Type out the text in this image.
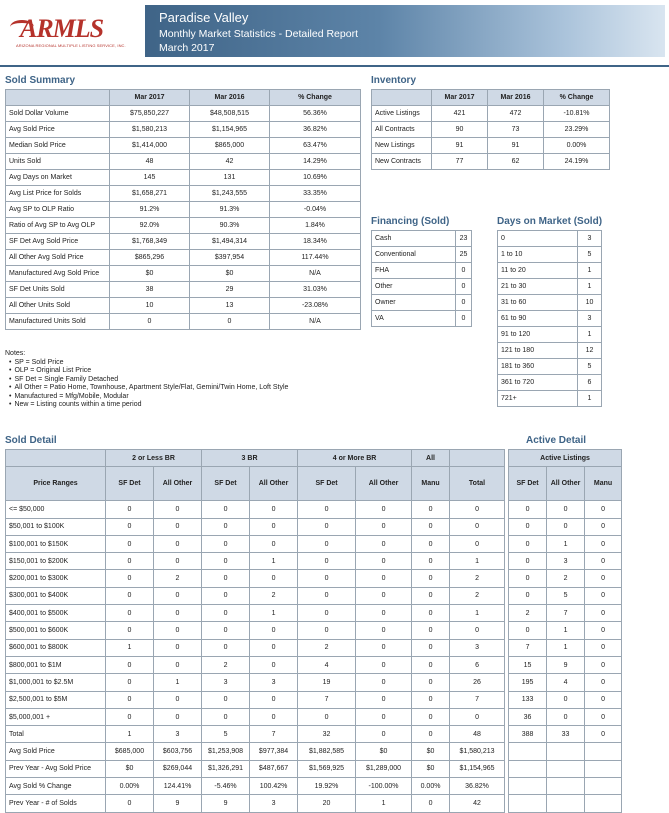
ARMLS
ARIZONA REGIONAL MULTIPLE LISTING SERVICE, INC.
Paradise Valley
Monthly Market Statistics - Detailed Report
March 2017
Sold Summary	Inventory
Financing (Sold)	Days on Market (Sold)
Sold Detail	Active Detail
	Mar 2017	Mar 2016	% Change
Sold Dollar Volume	$75,850,227	$48,508,515	56.36%
Avg Sold Price	$1,580,213	$1,154,965	36.82%
Median Sold Price	$1,414,000	$865,000	63.47%
Units Sold	48	42	14.29%
Avg Days on Market	145	131	10.69%
Avg List Price for Solds	$1,658,271	$1,243,555	33.35%
Avg SP to OLP Ratio	91.2%	91.3%	-0.04%
Ratio of Avg SP to Avg OLP	92.0%	90.3%	1.84%
SF Det Avg Sold Price	$1,768,349	$1,494,314	18.34%
All Other Avg Sold Price	$865,296	$397,954	117.44%
Manufactured Avg Sold Price	$0	$0	N/A
SF Det Units Sold	38	29	31.03%
All Other Units Sold	10	13	-23.08%
Manufactured Units Sold	0	0	N/A
	Mar 2017	Mar 2016	% Change
Active Listings	421	472	-10.81%
All Contracts	90	73	23.29%
New Listings	91	91	0.00%
New Contracts	77	62	24.19%
Cash	23
Conventional	25
FHA	0
Other	0
Owner	0
VA	0
0	3
1 to 10	5
11 to 20	1
21 to 30	1
31 to 60	10
61 to 90	3
91 to 120	1
121 to 180	12
181 to 360	5
361 to 720	6
721+	1
Notes:
• SP = Sold Price
• OLP = Original List Price
• SF Det = Single Family Detached
• All Other = Patio Home, Townhouse, Apartment Style/Flat, Gemini/Twin Home, Loft Style
• Manufactured = Mfg/Mobile, Modular
• New = Listing counts within a time period
	2 or Less BR		3 BR		4 or More BR		All			Active Listings		
Price Ranges	SF Det	All Other	SF Det	All Other	SF Det	All Other	Manu	Total		SF Det	All Other	Manu
<= $50,000	0	0	0	0	0	0	0	0		0	0	0
$50,001 to $100K	0	0	0	0	0	0	0	0		0	0	0
$100,001 to $150K	0	0	0	0	0	0	0	0		0	1	0
$150,001 to $200K	0	0	0	1	0	0	0	1		0	3	0
$200,001 to $300K	0	2	0	0	0	0	0	2		0	2	0
$300,001 to $400K	0	0	0	2	0	0	0	2		0	5	0
$400,001 to $500K	0	0	0	1	0	0	0	1		2	7	0
$500,001 to $600K	0	0	0	0	0	0	0	0		0	1	0
$600,001 to $800K	1	0	0	0	2	0	0	3		7	1	0
$800,001 to $1M	0	0	2	0	4	0	0	6		15	9	0
$1,000,001 to $2.5M	0	1	3	3	19	0	0	26		195	4	0
$2,500,001 to $5M	0	0	0	0	7	0	0	7		133	0	0
$5,000,001 +	0	0	0	0	0	0	0	0		36	0	0
Total	1	3	5	7	32	0	0	48		388	33	0
Avg Sold Price	$685,000	$603,756	$1,253,908	$977,384	$1,882,585	$0	$0	$1,580,213				
Prev Year - Avg Sold Price	$0	$269,044	$1,326,291	$487,667	$1,569,925	$1,289,000	$0	$1,154,965				
Avg Sold % Change	0.00%	124.41%	-5.46%	100.42%	19.92%	-100.00%	0.00%	36.82%				
Prev Year - # of Solds	0	9	9	3	20	1	0	42				
